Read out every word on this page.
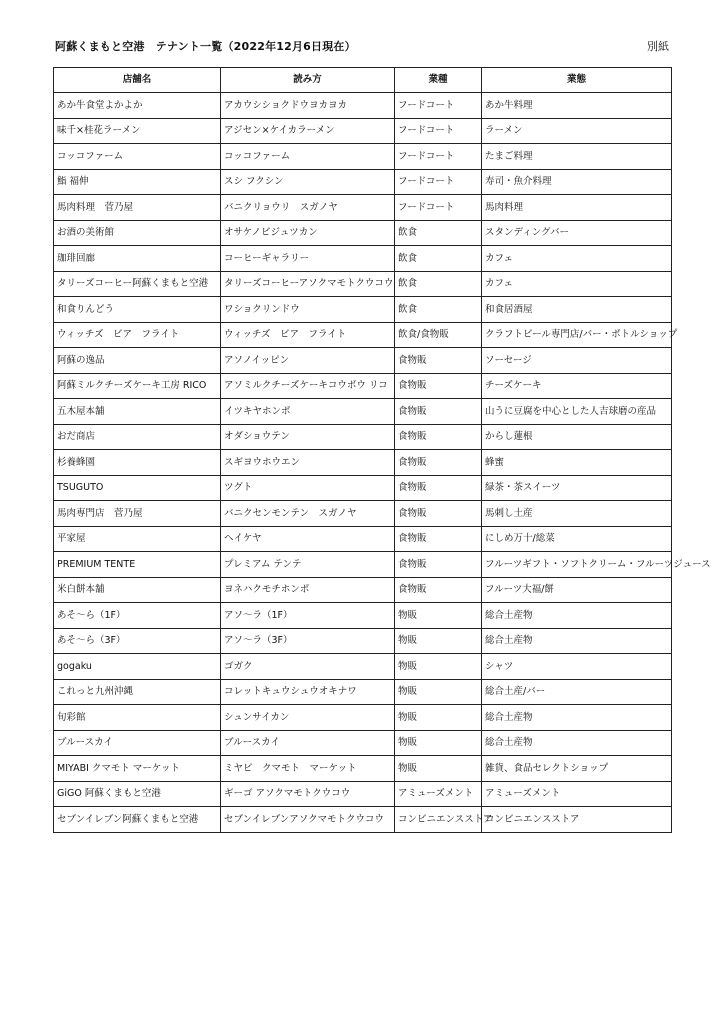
阿蘇くまもと空港　テナント一覧（2022年12月6日現在）	別紙
店舗名	読み方	業種	業態
あか牛食堂よかよか	アカウシショクドウヨカヨカ	フードコート	あか牛料理
味千×桂花ラーメン	アジセン×ケイカラーメン	フードコート	ラーメン
コッコファーム	コッコファーム	フードコート	たまご料理
鮨 福伸	スシ フクシン	フードコート	寿司・魚介料理
馬肉料理　菅乃屋	バニクリョウリ　スガノヤ	フードコート	馬肉料理
お酒の美術館	オサケノビジュツカン	飲食	スタンディングバー
珈琲回廊	コーヒーギャラリー	飲食	カフェ
タリーズコーヒー阿蘇くまもと空港	タリーズコーヒーアソクマモトクウコウ	飲食	カフェ
和食りんどう	ワショクリンドウ	飲食	和食居酒屋
ウィッチズ　ビア　フライト	ウィッチズ　ビア　フライト	飲食/食物販	クラフトビール専門店/バー・ボトルショップ
阿蘇の逸品	アソノイッピン	食物販	ソーセージ
阿蘇ミルクチーズケーキ工房 RICO	アソミルクチーズケーキコウボウ リコ	食物販	チーズケーキ
五木屋本舗	イツキヤホンポ	食物販	山うに豆腐を中心とした人吉球磨の産品
おだ商店	オダショウテン	食物販	からし蓮根
杉養蜂園	スギヨウホウエン	食物販	蜂蜜
TSUGUTO	ツグト	食物販	緑茶・茶スイーツ
馬肉専門店　菅乃屋	バニクセンモンテン　スガノヤ	食物販	馬刺し土産
平家屋	ヘイケヤ	食物販	にしめ万十/総菜
PREMIUM TENTE	プレミアム テンテ	食物販	フルーツギフト・ソフトクリーム・フルーツジュース
米白餅本舗	ヨネハクモチホンポ	食物販	フルーツ大福/餅
あそ～ら（1F）	アソ～ラ（1F）	物販	総合土産物
あそ～ら（3F）	アソ～ラ（3F）	物販	総合土産物
gogaku	ゴガク	物販	シャツ
これっと九州沖縄	コレットキュウシュウオキナワ	物販	総合土産/バー
旬彩館	シュンサイカン	物販	総合土産物
ブルースカイ	ブルースカイ	物販	総合土産物
MIYABI クマモト マーケット	ミヤビ　クマモト　マーケット	物販	雑貨、食品セレクトショップ
GiGO 阿蘇くまもと空港	ギーゴ アソクマモトクウコウ	アミューズメント	アミューズメント
セブンイレブン阿蘇くまもと空港	セブンイレブンアソクマモトクウコウ	コンビニエンスストア	コンビニエンスストア
